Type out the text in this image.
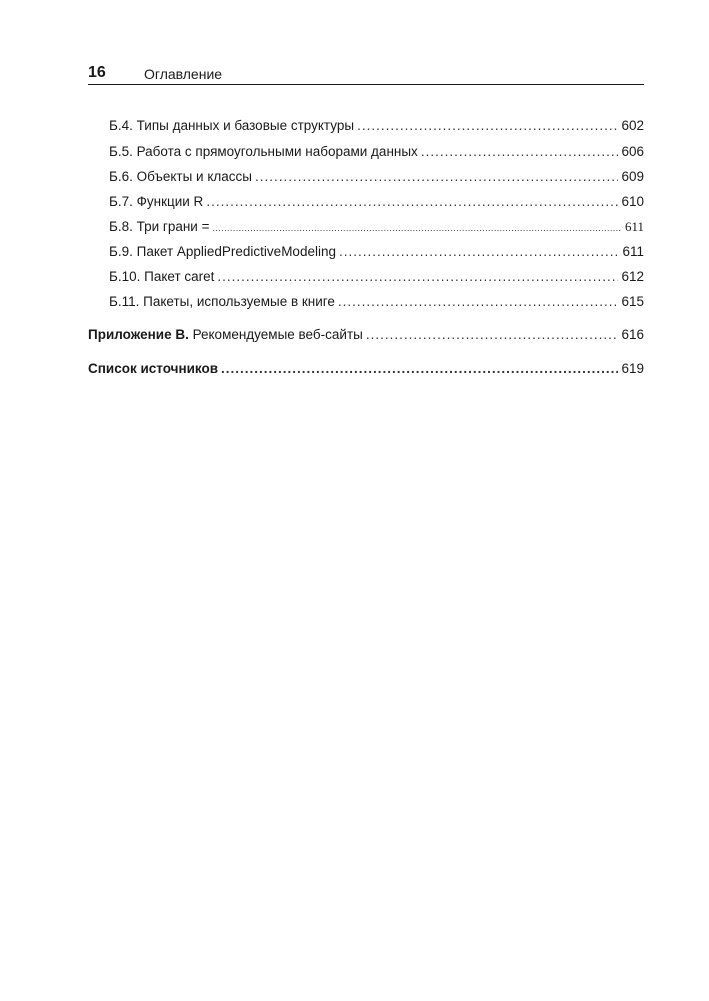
16	Оглавление
Б.4. Типы данных и базовые структуры .....	602
Б.5. Работа с прямоугольными наборами данных .....	606
Б.6. Объекты и классы .....	609
Б.7. Функции R .....	610
Б.8. Три грани = .....	611
Б.9. Пакет AppliedPredictiveModeling .....	611
Б.10. Пакет caret .....	612
Б.11. Пакеты, используемые в книге .....	615
Приложение В. Рекомендуемые веб-сайты .....	616
Список источников .....	619
